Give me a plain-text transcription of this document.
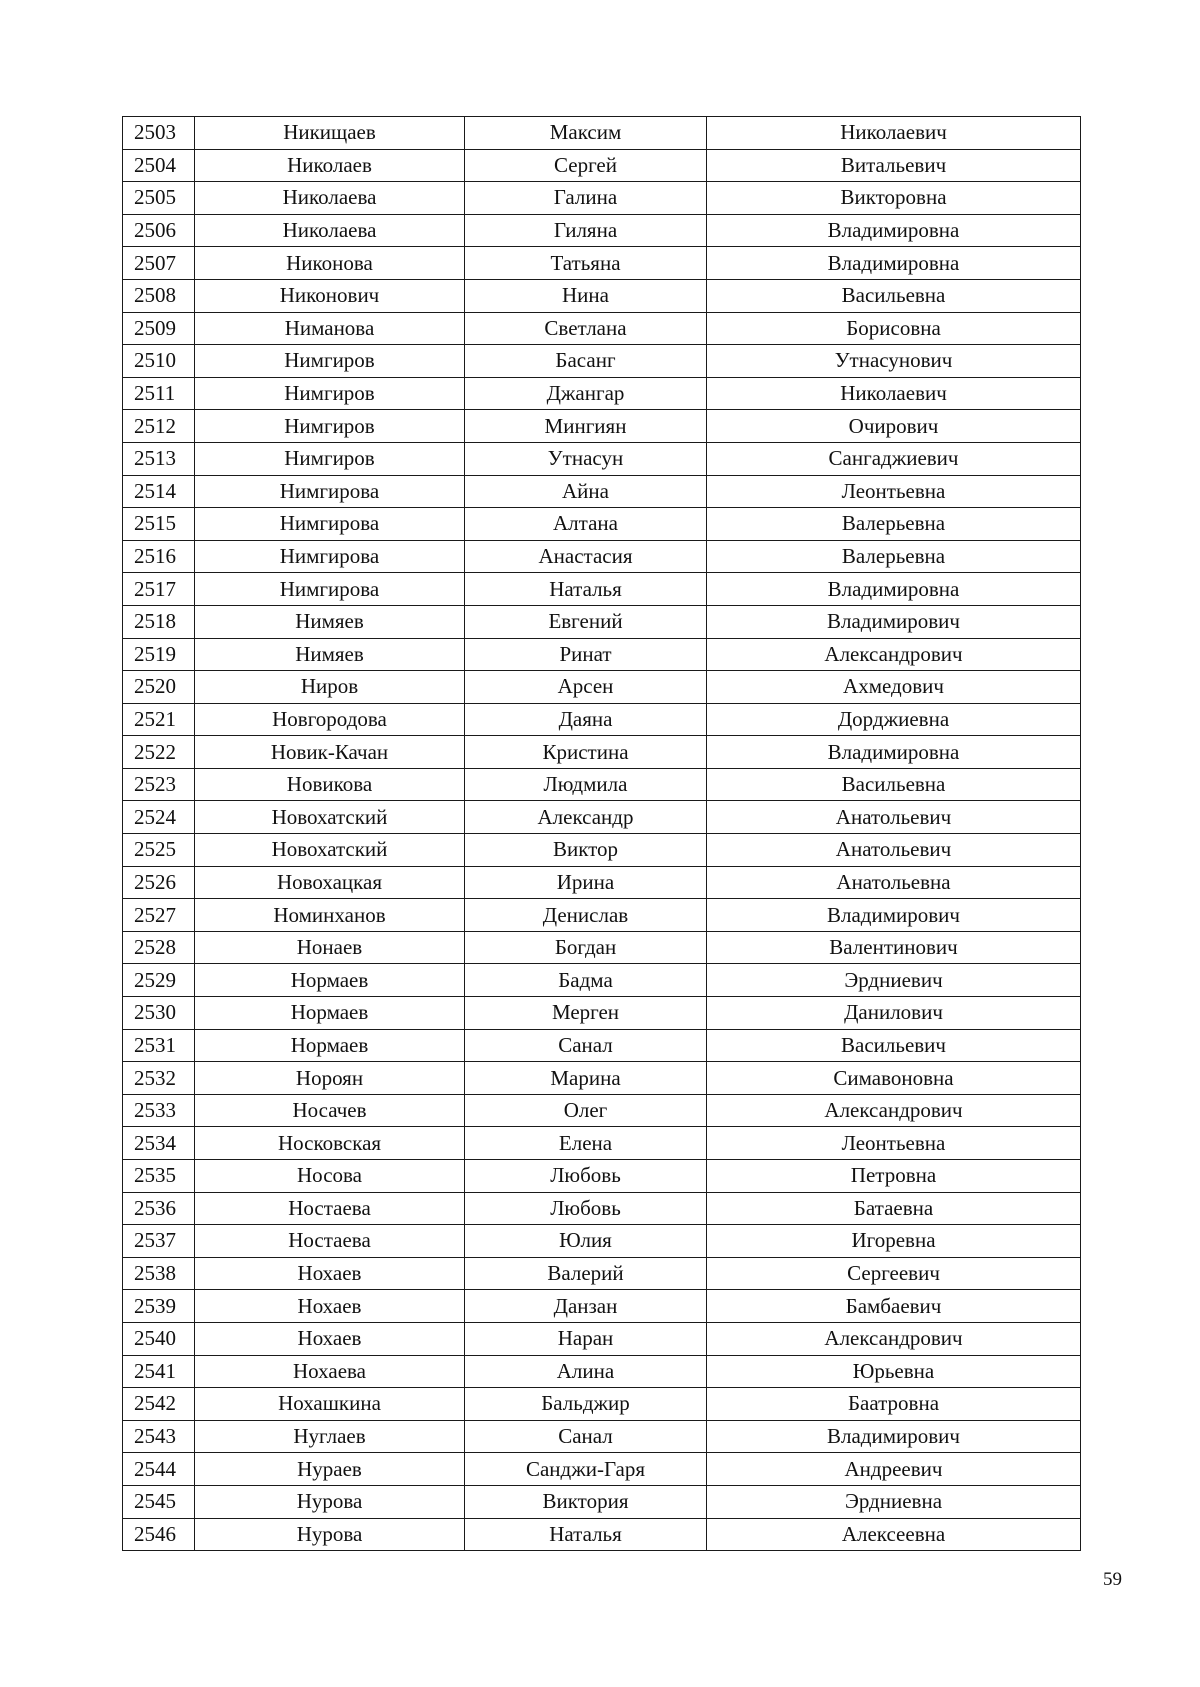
2503	Никищаев	Максим	Николаевич
2504	Николаев	Сергей	Витальевич
2505	Николаева	Галина	Викторовна
2506	Николаева	Гиляна	Владимировна
2507	Никонова	Татьяна	Владимировна
2508	Никонович	Нина	Васильевна
2509	Ниманова	Светлана	Борисовна
2510	Нимгиров	Басанг	Утнасунович
2511	Нимгиров	Джангар	Николаевич
2512	Нимгиров	Мингиян	Очирович
2513	Нимгиров	Утнасун	Сангаджиевич
2514	Нимгирова	Айна	Леонтьевна
2515	Нимгирова	Алтана	Валерьевна
2516	Нимгирова	Анастасия	Валерьевна
2517	Нимгирова	Наталья	Владимировна
2518	Нимяев	Евгений	Владимирович
2519	Нимяев	Ринат	Александрович
2520	Ниров	Арсен	Ахмедович
2521	Новгородова	Даяна	Дорджиевна
2522	Новик-Качан	Кристина	Владимировна
2523	Новикова	Людмила	Васильевна
2524	Новохатский	Александр	Анатольевич
2525	Новохатский	Виктор	Анатольевич
2526	Новохацкая	Ирина	Анатольевна
2527	Номинханов	Денислав	Владимирович
2528	Нонаев	Богдан	Валентинович
2529	Нормаев	Бадма	Эрдниевич
2530	Нормаев	Мерген	Данилович
2531	Нормаев	Санал	Васильевич
2532	Нороян	Марина	Симавоновна
2533	Носачев	Олег	Александрович
2534	Носковская	Елена	Леонтьевна
2535	Носова	Любовь	Петровна
2536	Ностаева	Любовь	Батаевна
2537	Ностаева	Юлия	Игоревна
2538	Нохаев	Валерий	Сергеевич
2539	Нохаев	Данзан	Бамбаевич
2540	Нохаев	Наран	Александрович
2541	Нохаева	Алина	Юрьевна
2542	Нохашкина	Бальджир	Баатровна
2543	Нуглаев	Санал	Владимирович
2544	Нураев	Санджи-Гаря	Андреевич
2545	Нурова	Виктория	Эрдниевна
2546	Нурова	Наталья	Алексеевна
59
